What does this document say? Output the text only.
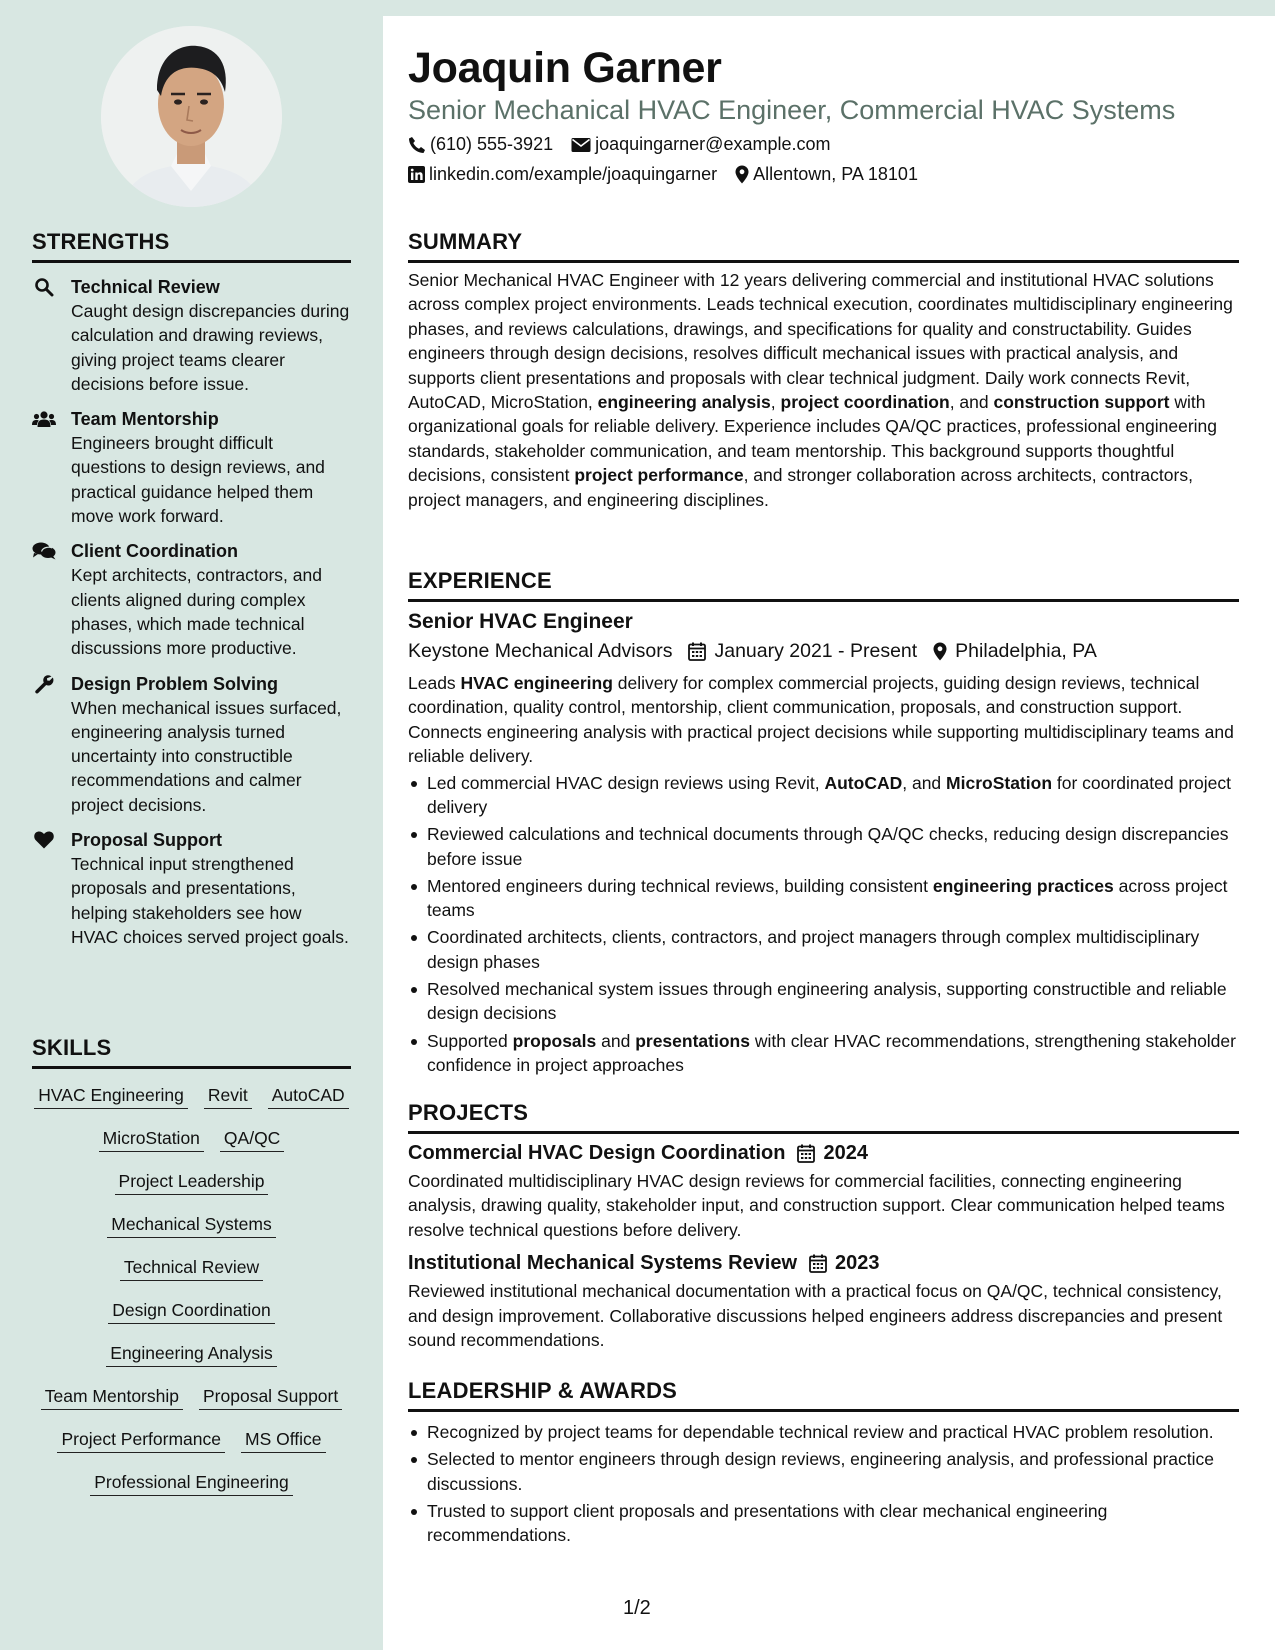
STRENGTHS
Technical Review
Caught design discrepancies during calculation and drawing reviews, giving project teams clearer decisions before issue.
Team Mentorship
Engineers brought difficult questions to design reviews, and practical guidance helped them move work forward.
Client Coordination
Kept architects, contractors, and clients aligned during complex phases, which made technical discussions more productive.
Design Problem Solving
When mechanical issues surfaced, engineering analysis turned uncertainty into constructible recommendations and calmer project decisions.
Proposal Support
Technical input strengthened proposals and presentations, helping stakeholders see how HVAC choices served project goals.
SKILLS
HVAC Engineering Revit AutoCAD
MicroStation QA/QC
Project Leadership
Mechanical Systems
Technical Review
Design Coordination
Engineering Analysis
Team Mentorship Proposal Support
Project Performance MS Office
Professional Engineering
Joaquin Garner
Senior Mechanical HVAC Engineer, Commercial HVAC Systems
(610) 555-3921 joaquingarner@example.com
linkedin.com/example/joaquingarner Allentown, PA 18101
SUMMARY

Senior Mechanical HVAC Engineer with 12 years delivering commercial and institutional HVAC solutions across complex project environments. Leads technical execution, coordinates multidisciplinary engineering phases, and reviews calculations, drawings, and specifications for quality and constructability. Guides engineers through design decisions, resolves difficult mechanical issues with practical analysis, and supports client presentations and proposals with clear technical judgment. Daily work connects Revit, AutoCAD, MicroStation, engineering analysis, project coordination, and construction support with organizational goals for reliable delivery. Experience includes QA/QC practices, professional engineering standards, stakeholder communication, and team mentorship. This background supports thoughtful decisions, consistent project performance, and stronger collaboration across architects, contractors, project managers, and engineering disciplines.

EXPERIENCE
Senior HVAC Engineer
Keystone Mechanical Advisors January 2021 - Present Philadelphia, PA

Leads HVAC engineering delivery for complex commercial projects, guiding design reviews, technical coordination, quality control, mentorship, client communication, proposals, and construction support. Connects engineering analysis with practical project decisions while supporting multidisciplinary teams and reliable delivery.

Led commercial HVAC design reviews using Revit, AutoCAD, and MicroStation for coordinated project delivery
Reviewed calculations and technical documents through QA/QC checks, reducing design discrepancies before issue
Mentored engineers during technical reviews, building consistent engineering practices across project teams
Coordinated architects, clients, contractors, and project managers through complex multidisciplinary design phases
Resolved mechanical system issues through engineering analysis, supporting constructible and reliable design decisions
Supported proposals and presentations with clear HVAC recommendations, strengthening stakeholder confidence in project approaches
PROJECTS
Commercial HVAC Design Coordination 2024

Coordinated multidisciplinary HVAC design reviews for commercial facilities, connecting engineering analysis, drawing quality, stakeholder input, and construction support. Clear communication helped teams resolve technical questions before delivery.

Institutional Mechanical Systems Review 2023

Reviewed institutional mechanical documentation with a practical focus on QA/QC, technical consistency, and design improvement. Collaborative discussions helped engineers address discrepancies and present sound recommendations.

LEADERSHIP & AWARDS
Recognized by project teams for dependable technical review and practical HVAC problem resolution.
Selected to mentor engineers through design reviews, engineering analysis, and professional practice discussions.
Trusted to support client proposals and presentations with clear mechanical engineering recommendations.
1/2
